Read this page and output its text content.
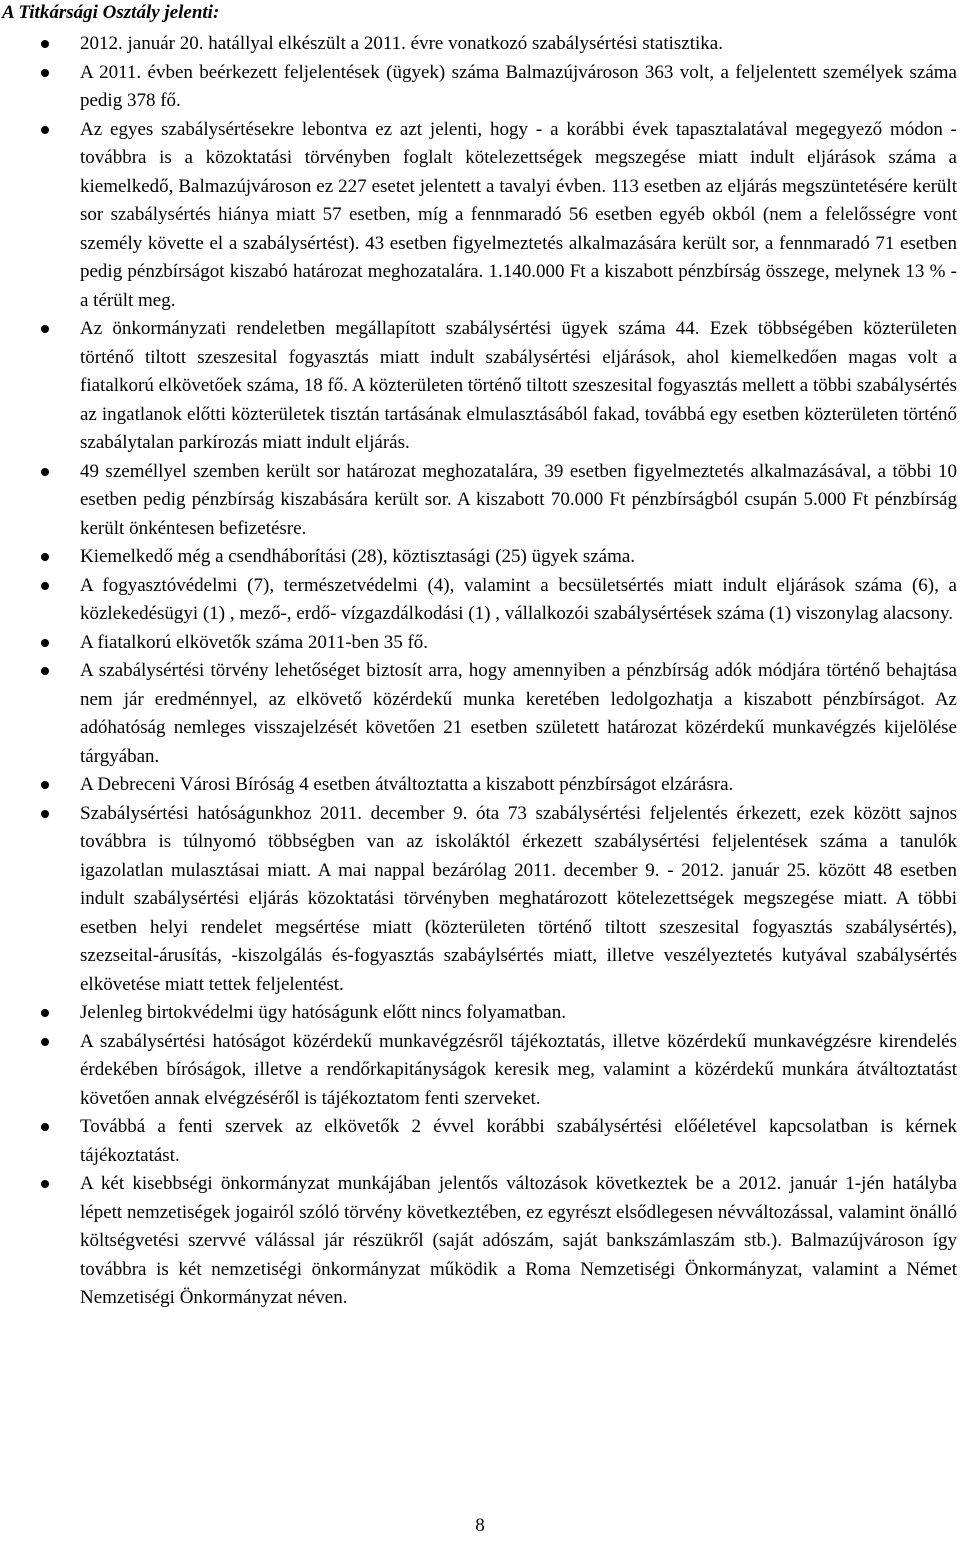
A Titkársági Osztály jelenti:
2012. január 20. hatállyal elkészült a 2011. évre vonatkozó szabálysértési statisztika.
A 2011. évben beérkezett feljelentések (ügyek) száma Balmazújvároson 363 volt, a feljelentett személyek száma pedig 378 fő.
Az egyes szabálysértésekre lebontva ez azt jelenti, hogy - a korábbi évek tapasztalatával megegyező módon - továbbra is a közoktatási törvényben foglalt kötelezettségek megszegése miatt indult eljárások száma a kiemelkedő, Balmazújvároson ez 227 esetet jelentett a tavalyi évben. 113 esetben az eljárás megszüntetésére került sor szabálysértés hiánya miatt 57 esetben, míg a fennmaradó 56 esetben egyéb okból (nem a felelősségre vont személy követte el a szabálysértést). 43 esetben figyelmeztetés alkalmazására került sor, a fennmaradó 71 esetben pedig pénzbírságot kiszabó határozat meghozatalára. 1.140.000 Ft a kiszabott pénzbírság összege, melynek 13 % -a térült meg.
Az önkormányzati rendeletben megállapított szabálysértési ügyek száma 44. Ezek többségében közterületen történő tiltott szeszesital fogyasztás miatt indult szabálysértési eljárások, ahol kiemelkedően magas volt a fiatalkorú elkövetőek száma, 18 fő. A közterületen történő tiltott szeszesital fogyasztás mellett a többi szabálysértés az ingatlanok előtti közterületek tisztán tartásának elmulasztásából fakad, továbbá egy esetben közterületen történő szabálytalan parkírozás miatt indult eljárás.
49 személlyel szemben került sor határozat meghozatalára, 39 esetben figyelmeztetés alkalmazásával, a többi 10 esetben pedig pénzbírság kiszabására került sor. A kiszabott 70.000 Ft pénzbírságból csupán 5.000 Ft pénzbírság került önkéntesen befizetésre.
Kiemelkedő még a csendháborítási (28), köztisztasági (25) ügyek száma.
A fogyasztóvédelmi (7), természetvédelmi (4), valamint a becsületsértés miatt indult eljárások száma (6), a közlekedésügyi (1) , mező-, erdő- vízgazdálkodási (1) , vállalkozói szabálysértések száma (1) viszonylag alacsony.
A fiatalkorú elkövetők száma 2011-ben 35 fő.
A szabálysértési törvény lehetőséget biztosít arra, hogy amennyiben a pénzbírság adók módjára történő behajtása nem jár eredménnyel, az elkövető közérdekű munka keretében ledolgozhatja a kiszabott pénzbírságot. Az adóhatóság nemleges visszajelzését követően 21 esetben született határozat közérdekű munkavégzés kijelölése tárgyában.
A Debreceni Városi Bíróság 4 esetben átváltoztatta a kiszabott pénzbírságot elzárásra.
Szabálysértési hatóságunkhoz 2011. december 9. óta 73 szabálysértési feljelentés érkezett, ezek között sajnos továbbra is túlnyomó többségben van az iskoláktól érkezett szabálysértési feljelentések száma a tanulók igazolatlan mulasztásai miatt. A mai nappal bezárólag 2011. december 9. - 2012. január 25. között 48 esetben indult szabálysértési eljárás közoktatási törvényben meghatározott kötelezettségek megszegése miatt. A többi esetben helyi rendelet megsértése miatt (közterületen történő tiltott szeszesital fogyasztás szabálysértés), szezseital-árusítás, -kiszolgálás és-fogyasztás szabáylsértés miatt, illetve veszélyeztetés kutyával szabálysértés elkövetése miatt tettek feljelentést.
Jelenleg birtokvédelmi ügy hatóságunk előtt nincs folyamatban.
A szabálysértési hatóságot közérdekű munkavégzésről tájékoztatás, illetve közérdekű munkavégzésre kirendelés érdekében bíróságok, illetve a rendőrkapitányságok keresik meg, valamint a közérdekű munkára átváltoztatást követően annak elvégzéséről is tájékoztatom fenti szerveket.
Továbbá a fenti szervek az elkövetők 2 évvel korábbi szabálysértési előéletével kapcsolatban is kérnek tájékoztatást.
A két kisebbségi önkormányzat munkájában jelentős változások következtek be a 2012. január 1-jén hatályba lépett nemzetiségek jogairól szóló törvény következtében, ez egyrészt elsődlegesen névváltozással, valamint önálló költségvetési szervvé válással jár részükről (saját adószám, saját bankszámlaszám stb.). Balmazújvároson így továbbra is két nemzetiségi önkormányzat működik a Roma Nemzetiségi Önkormányzat, valamint a Német Nemzetiségi Önkormányzat néven.
8
